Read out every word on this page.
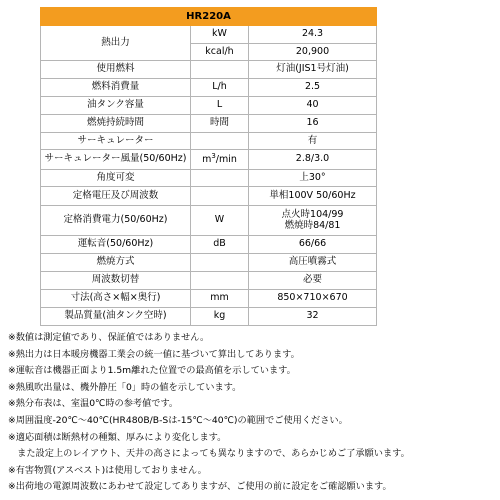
HR220A		
熱出力	kW	24.3

	kcal/h	20,900

使用燃料		灯油(JIS1号灯油)

燃料消費量	L/h	2.5

油タンク容量	L	40

燃焼持続時間	時間	16

サーキュレーター		有

サーキュレーター風量(50/60Hz)	$m^3/\min$	2.8/3.0

角度可変		上30°

定格電圧及び周波数		単相100V 50/60Hz

定格消費電力(50/60Hz)	W	点火時104/99
燃焼時84/81

運転音(50/60Hz)	dB	66/66

燃焼方式		高圧噴霧式

周波数切替		必要

寸法(高さ×幅×奥行)	mm	850×710×670

製品質量(油タンク空時)	kg	32
※数値は測定値であり、保証値ではありません。
※熱出力は日本暖房機器工業会の統一値に基づいて算出してあります。
※運転音は機器正面より1.5m離れた位置での最高値を示しています。
※熱風吹出量は、機外静圧「0」時の値を示しています。
※熱分布表は、室温0℃時の参考値です。
※周囲温度-20℃〜40℃(HR480B/B-Sは-15℃〜40℃)の範囲でご使用ください。
※適応面積は断熱材の種類、厚みにより変化します。
　また設定上のレイアウト、天井の高さによっても異なりますので、あらかじめご了承願います。
※有害物質(アスベスト)は使用しておりません。
※出荷地の電源周波数にあわせて設定してありますが、ご使用の前に設定をご確認願います。
